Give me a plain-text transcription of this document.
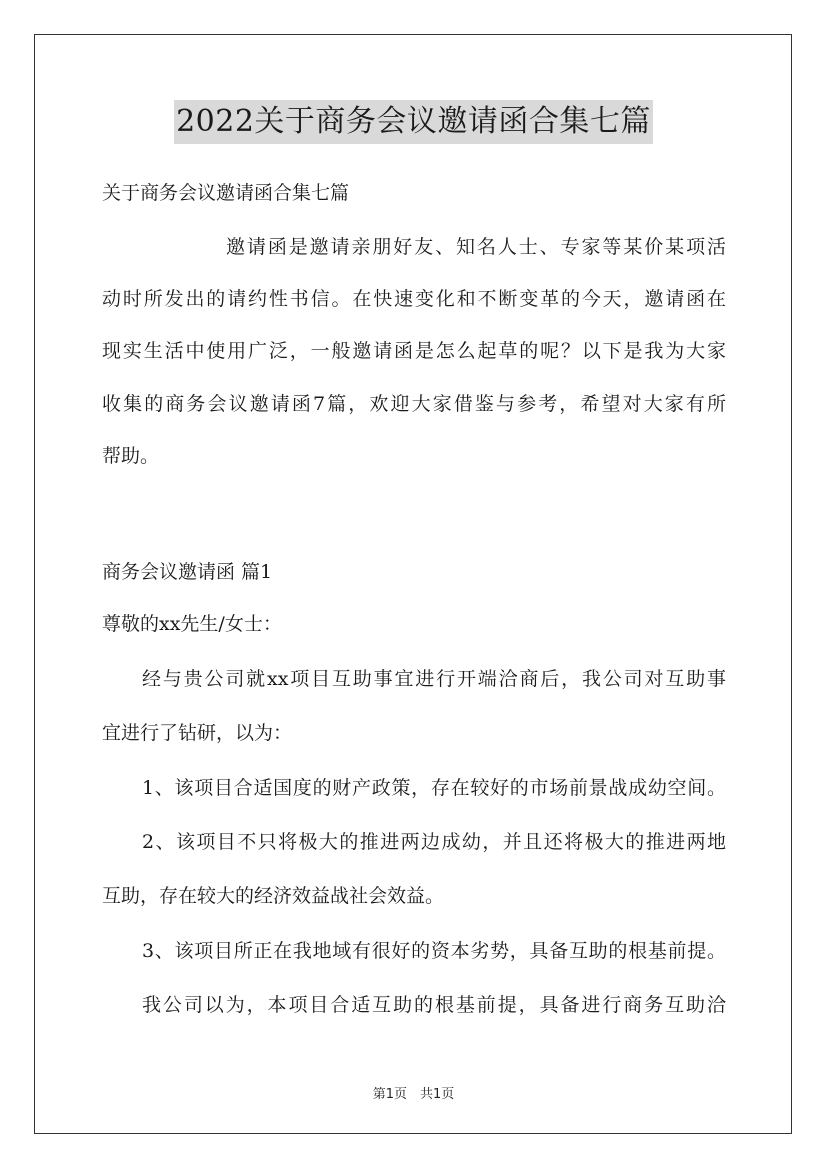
2022关于商务会议邀请函合集七篇
关于商务会议邀请函合集七篇
邀请函是邀请亲朋好友、知名人士、专家等某价某项活
动时所发出的请约性书信。在快速变化和不断变革的今天，邀请函在
现实生活中使用广泛，一般邀请函是怎么起草的呢？以下是我为大家
收集的商务会议邀请函7篇，欢迎大家借鉴与参考，希望对大家有所
帮助。
商务会议邀请函 篇1
尊敬的xx先生/女士：
经与贵公司就xx项目互助事宜进行开端洽商后，我公司对互助事
宜进行了钻研，以为：
1、该项目合适国度的财产政策，存在较好的市场前景战成幼空间。
2、该项目不只将极大的推进两边成幼，并且还将极大的推进两地
互助，存在较大的经济效益战社会效益。
3、该项目所正在我地域有很好的资本劣势，具备互助的根基前提。
我公司以为，本项目合适互助的根基前提，具备进行商务互助洽
第1页　共1页
